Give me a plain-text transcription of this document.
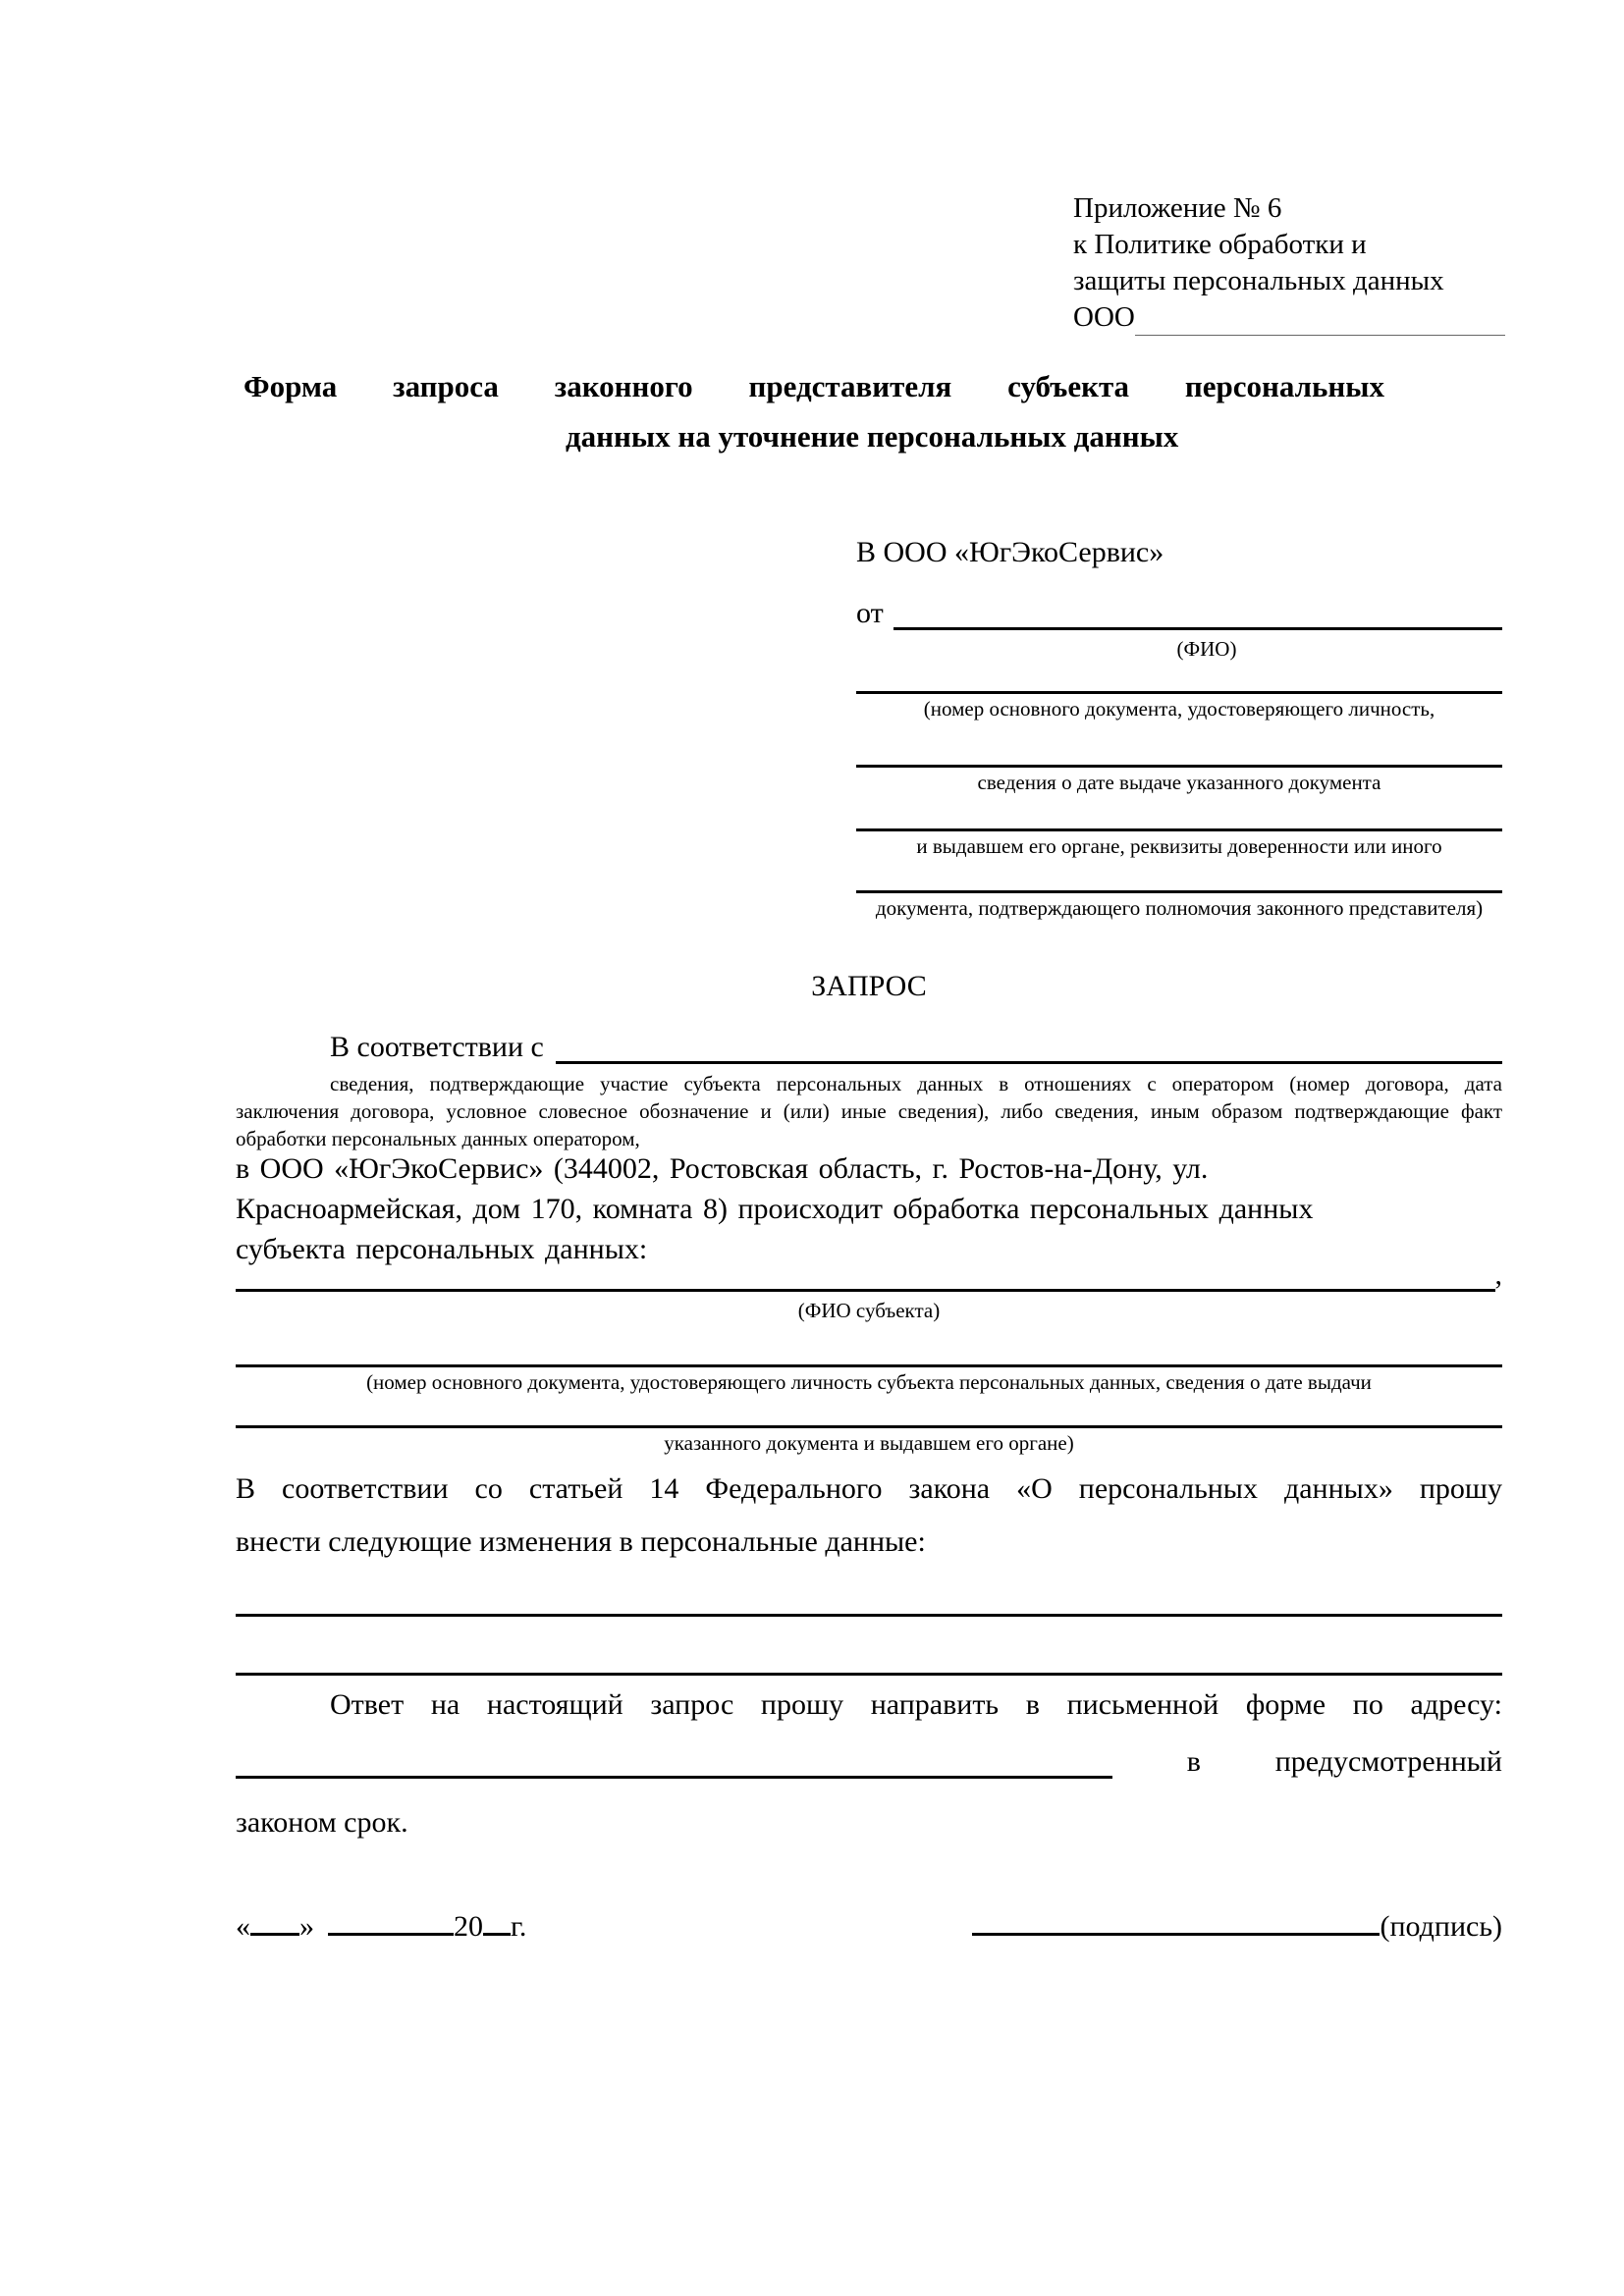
Приложение № 6
к Политике обработки и
защиты персональных данных
ООО
Форма запроса законного представителя субъекта персональных
данных на уточнение персональных данных
В ООО «ЮгЭкоСервис»
от
(ФИО)
(номер основного документа, удостоверяющего личность,
сведения о дате выдаче указанного документа
и выдавшем его органе, реквизиты доверенности или иного
документа, подтверждающего полномочия законного представителя)
ЗАПРОС
В соответствии с
сведения, подтверждающие участие субъекта персональных данных в отношениях с оператором (номер договора, дата
заключения договора, условное словесное обозначение и (или) иные сведения), либо сведения, иным образом подтверждающие факт
обработки персональных данных оператором,
в ООО «ЮгЭкоСервис» (344002, Ростовская область, г. Ростов-на-Дону, ул.
Красноармейская, дом 170, комната 8) происходит обработка персональных данных
субъекта персональных данных:
,
(ФИО субъекта)
(номер основного документа, удостоверяющего личность субъекта персональных данных, сведения о дате выдачи
указанного документа и выдавшем его органе)
В соответствии со статьей 14 Федерального закона «О персональных данных» прошу
внести следующие изменения в персональные данные:
Ответ на настоящий запрос прошу направить в письменной форме по адресу:
в	предусмотренный
законом срок.
« »	20 г.	(подпись)
